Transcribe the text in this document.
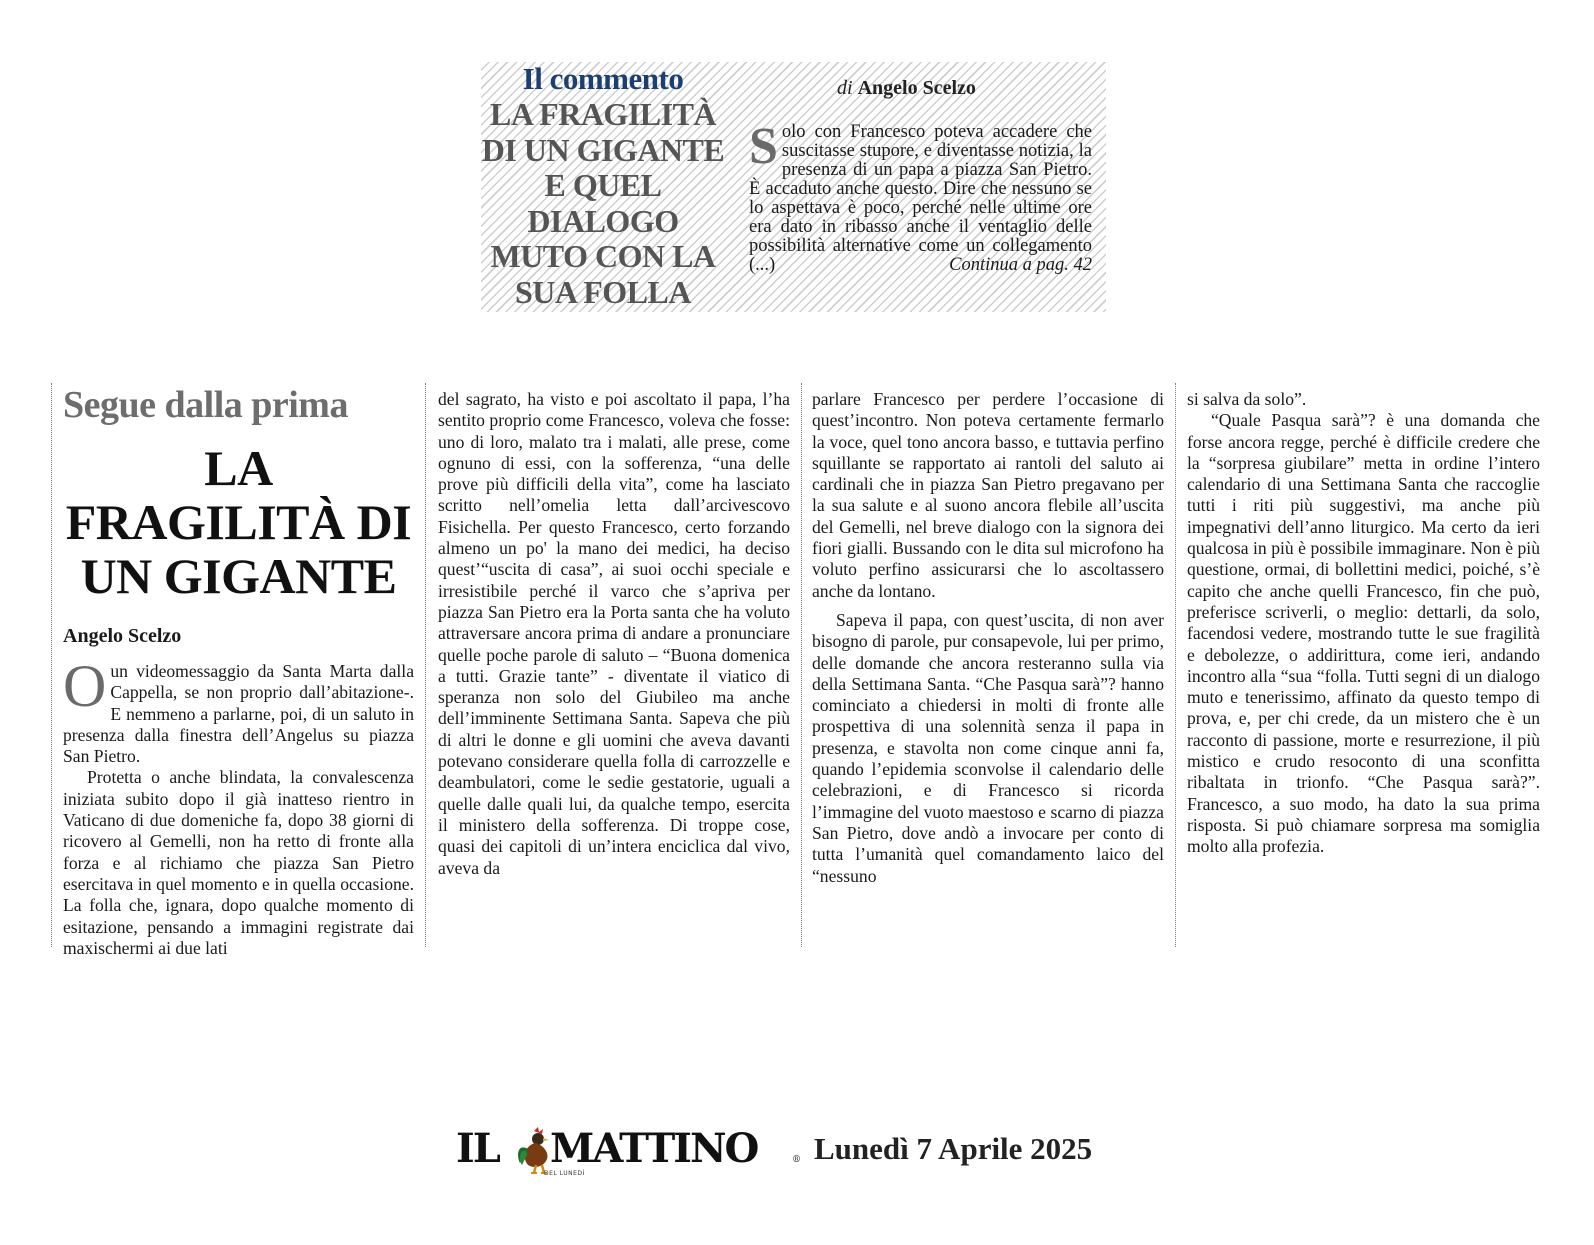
Il commento
LA FRAGILITÀ DI UN GIGANTE E QUEL DIALOGO MUTO CON LA SUA FOLLA
di Angelo Scelzo
Solo con Francesco poteva accadere che suscitasse stupore, e diventasse notizia, la presenza di un papa a piazza San Pietro. È accaduto anche questo. Dire che nessuno se lo aspettava è poco, perché nelle ultime ore era dato in ribasso anche il ventaglio delle possibilità alternative come un collegamento (...)	Continua a pag. 42
Segue dalla prima
LA FRAGILITÀ DI UN GIGANTE
Angelo Scelzo

Oun videomessaggio da Santa Marta dalla Cappella, se non proprio dall’abitazione-. E nemmeno a parlarne, poi, di un saluto in presenza dalla finestra dell’Angelus su piazza San Pietro.

Protetta o anche blindata, la convalescenza iniziata subito dopo il già inatteso rientro in Vaticano di due domeniche fa, dopo 38 giorni di ricovero al Gemelli, non ha retto di fronte alla forza e al richiamo che piazza San Pietro esercitava in quel momento e in quella occasione. La folla che, ignara, dopo qualche momento di esitazione, pensando a immagini registrate dai maxischermi ai due lati

del sagrato, ha visto e poi ascoltato il papa, l’ha sentito proprio come Francesco, voleva che fosse: uno di loro, malato tra i malati, alle prese, come ognuno di essi, con la sofferenza, “una delle prove più difficili della vita”, come ha lasciato scritto nell’omelia letta dall’arcivescovo Fisichella. Per questo Francesco, certo forzando almeno un po' la mano dei medici, ha deciso quest’“uscita di casa”, ai suoi occhi speciale e irresistibile perché il varco che s’apriva per piazza San Pietro era la Porta santa che ha voluto attraversare ancora prima di andare a pronunciare quelle poche parole di saluto – “Buona domenica a tutti. Grazie tante” - diventate il viatico di speranza non solo del Giubileo ma anche dell’imminente Settimana Santa. Sapeva che più di altri le donne e gli uomini che aveva davanti potevano considerare quella folla di carrozzelle e deambulatori, come le sedie gestatorie, uguali a quelle dalle quali lui, da qualche tempo, esercita il ministero della sofferenza. Di troppe cose, quasi dei capitoli di un’intera enciclica dal vivo, aveva da

parlare Francesco per perdere l’occasione di quest’incontro. Non poteva certamente fermarlo la voce, quel tono ancora basso, e tuttavia perfino squillante se rapportato ai rantoli del saluto ai cardinali che in piazza San Pietro pregavano per la sua salute e al suono ancora flebile all’uscita del Gemelli, nel breve dialogo con la signora dei fiori gialli. Bussando con le dita sul microfono ha voluto perfino assicurarsi che lo ascoltassero anche da lontano.

Sapeva il papa, con quest’uscita, di non aver bisogno di parole, pur consapevole, lui per primo, delle domande che ancora resteranno sulla via della Settimana Santa. “Che Pasqua sarà”? hanno cominciato a chiedersi in molti di fronte alle prospettiva di una solennità senza il papa in presenza, e stavolta non come cinque anni fa, quando l’epidemia sconvolse il calendario delle celebrazioni, e di Francesco si ricorda l’immagine del vuoto maestoso e scarno di piazza San Pietro, dove andò a invocare per conto di tutta l’umanità quel comandamento laico del “nessuno

si salva da solo”.

“Quale Pasqua sarà”? è una domanda che forse ancora regge, perché è difficile credere che la “sorpresa giubilare” metta in ordine l’intero calendario di una Settimana Santa che raccoglie tutti i riti più suggestivi, ma anche più impegnativi dell’anno liturgico. Ma certo da ieri qualcosa in più è possibile immaginare. Non è più questione, ormai, di bollettini medici, poiché, s’è capito che anche quelli Francesco, fin che può, preferisce scriverli, o meglio: dettarli, da solo, facendosi vedere, mostrando tutte le sue fragilità e debolezze, o addirittura, come ieri, andando incontro alla “sua “folla. Tutti segni di un dialogo muto e tenerissimo, affinato da questo tempo di prova, e, per chi crede, da un mistero che è un racconto di passione, morte e resurrezione, il più mistico e crudo resoconto di una sconfitta ribaltata in trionfo. “Che Pasqua sarà?”. Francesco, a suo modo, ha dato la sua prima risposta. Si può chiamare sorpresa ma somiglia molto alla profezia.

IL MATTINO	®
DEL LUNEDÌ
Lunedì 7 Aprile 2025
